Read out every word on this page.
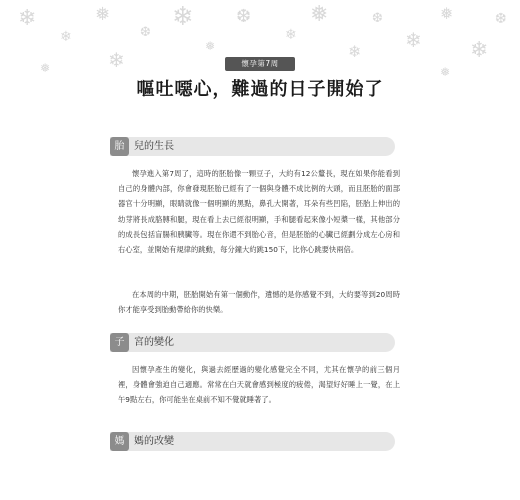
❄
❄
❅
❄
❆
❄
❅
❆
❄
❅
❄
❆
❄
❅
❄
❆
❅	❅
懷孕第7周
嘔吐噁心，難過的日子開始了
胎 兒的生長

懷孕進入第7周了，這時的胚胎像一顆豆子，大約有12公釐長，現在如果你能看到自己的身體內部，你會發現胚胎已經有了一個與身體不成比例的大頭，而且胚胎的面部器官十分明顯，眼睛就像一個明顯的黑點，鼻孔大開著，耳朵有些凹陷，胚胎上伸出的幼芽將長成胳膊和腿，現在看上去已經很明顯，手和腿看起來像小短槳一樣，其他部分的成長包括盲腸和胰臟等。現在你還不到胎心音，但是胚胎的心臟已經劃分成左心房和右心室，並開始有規律的跳動，每分鐘大約跳150下，比你心跳要快兩倍。

在本周的中期，胚胎開始有第一個動作，遺憾的是你感覺不到，大約要等到20周時你才能享受到胎動帶給你的快樂。

子 宮的變化

因懷孕產生的變化，與過去經歷過的變化感覺完全不同，尤其在懷孕的前三個月裡，身體會強迫自己適應。常常在白天就會感到極度的疲倦，渴望好好睡上一覺，在上午9點左右，你可能坐在桌前不知不覺就睡著了。

媽 媽的改變
